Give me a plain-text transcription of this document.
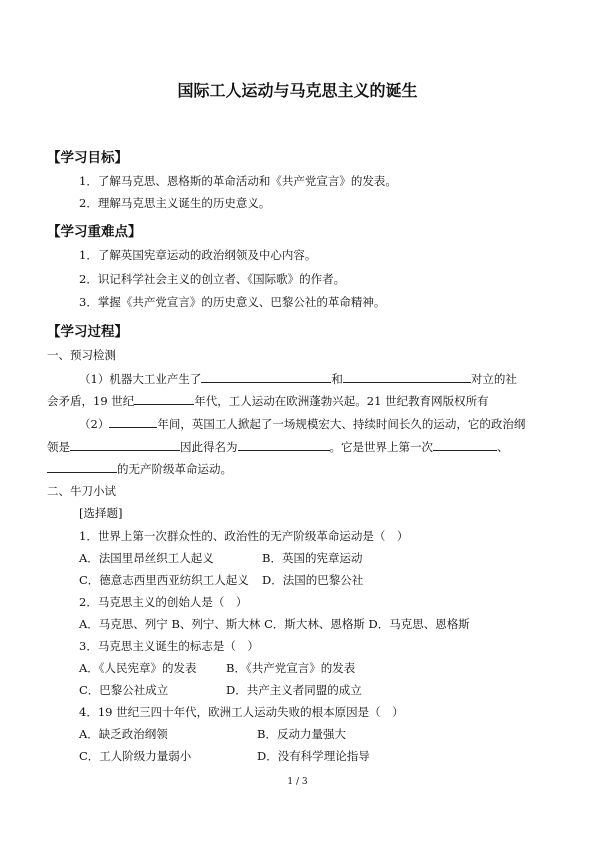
国际工人运动与马克思主义的诞生
【学习目标】
1．了解马克思、恩格斯的革命活动和《共产党宣言》的发表。
2．理解马克思主义诞生的历史意义。
【学习重难点】
1．了解英国宪章运动的政治纲领及中心内容。
2．识记科学社会主义的创立者、《国际歌》的作者。
3．掌握《共产党宣言》的历史意义、巴黎公社的革命精神。
【学习过程】
一、预习检测
（1）机器大工业产生了	和	对立的社
会矛盾，19 世纪	年代，工人运动在欧洲蓬勃兴起。21 世纪教育网版权所有
（2）	年间，英国工人掀起了一场规模宏大、持续时间长久的运动，它的政治纲
领是	因此得名为	。它是世界上第一次	、
的无产阶级革命运动。
二、牛刀小试
[选择题]
1．世界上第一次群众性的、政治性的无产阶级革命运动是（　）
A．法国里昂丝织工人起义	B．英国的宪章运动
C．德意志西里西亚纺织工人起义 D．法国的巴黎公社
2．马克思主义的创始人是（　）
A．马克思、列宁 B、列宁、斯大林 C．斯大林、恩格斯 D．马克思、恩格斯
3．马克思主义诞生的标志是（　）
A．《人民宪章》的发表	B．《共产党宣言》的发表
C．巴黎公社成立	D．共产主义者同盟的成立
4．19 世纪三四十年代，欧洲工人运动失败的根本原因是（　）
A．缺乏政治纲领	B．反动力量强大
C．工人阶级力量弱小	D．没有科学理论指导
1 / 3
